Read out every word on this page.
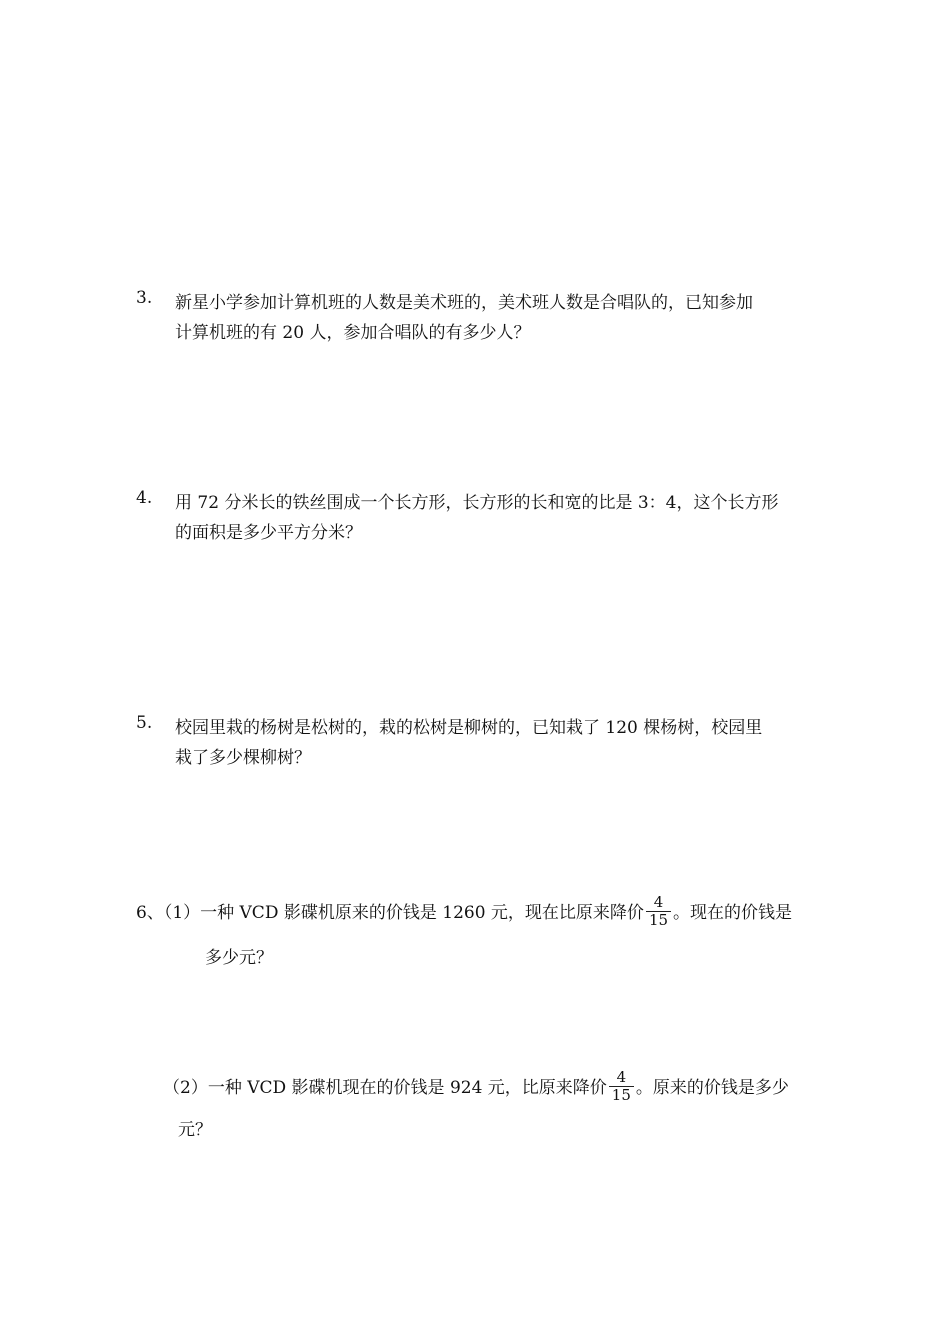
3. 新星小学参加计算机班的人数是美术班的，美术班人数是合唱队的，已知参加
计算机班的有 20 人，参加合唱队的有多少人？
4. 用 72 分米长的铁丝围成一个长方形，长方形的长和宽的比是 3：4，这个长方形
的面积是多少平方分米？
5. 校园里栽的杨树是松树的，栽的松树是柳树的，已知栽了 120 棵杨树，校园里
栽了多少棵柳树？
6、（1）一种 VCD 影碟机原来的价钱是 1260 元，现在比原来降价 $\frac{4}{15}$ 。现在的价钱是
多少元？
（2）一种 VCD 影碟机现在的价钱是 924 元，比原来降价 $\frac{4}{15}$ 。原来的价钱是多少
元？
